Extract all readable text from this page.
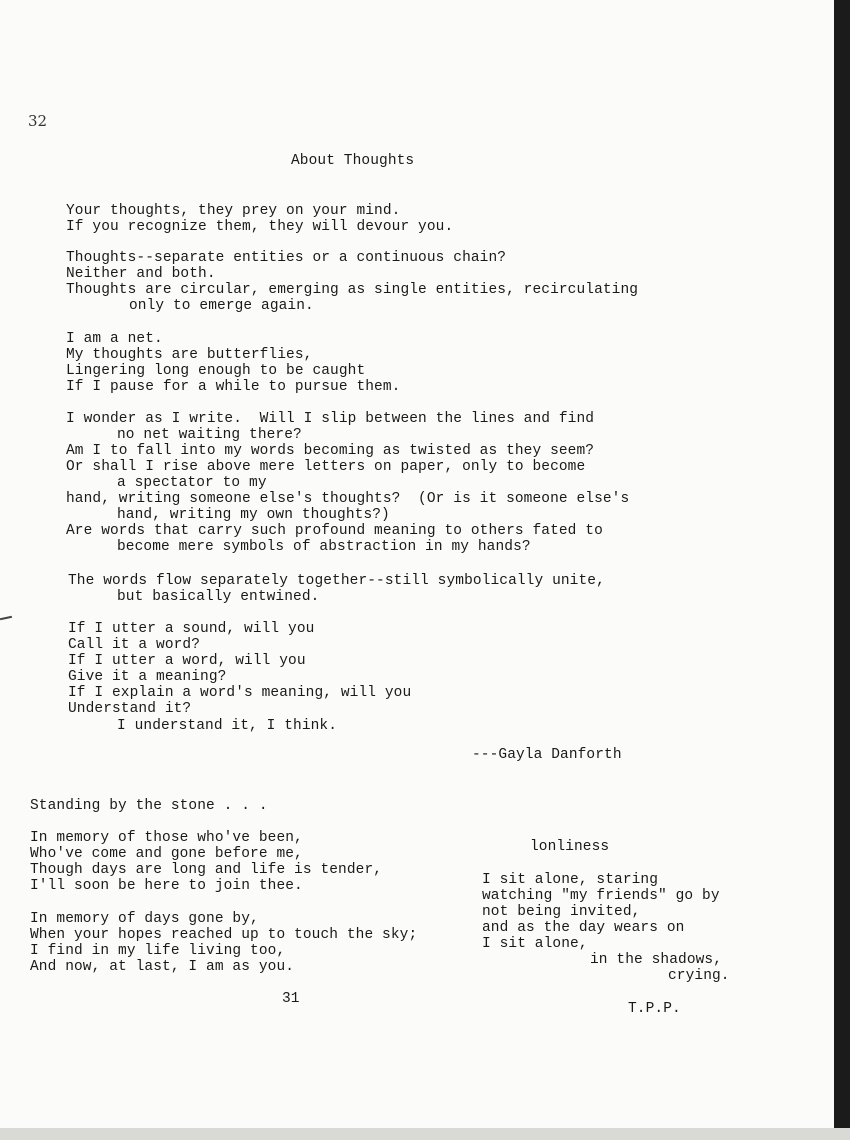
32
About Thoughts
Your thoughts, they prey on your mind.
If you recognize them, they will devour you.
Thoughts--separate entities or a continuous chain?
Neither and both.
Thoughts are circular, emerging as single entities, recirculating
only to emerge again.
I am a net.
My thoughts are butterflies,
Lingering long enough to be caught
If I pause for a while to pursue them.
I wonder as I write.  Will I slip between the lines and find
no net waiting there?
Am I to fall into my words becoming as twisted as they seem?
Or shall I rise above mere letters on paper, only to become
a spectator to my
hand, writing someone else's thoughts?  (Or is it someone else's
hand, writing my own thoughts?)
Are words that carry such profound meaning to others fated to
become mere symbols of abstraction in my hands?
The words flow separately together--still symbolically unite,
but basically entwined.
If I utter a sound, will you
Call it a word?
If I utter a word, will you
Give it a meaning?
If I explain a word's meaning, will you
Understand it?
I understand it, I think.
---Gayla Danforth
Standing by the stone . . .
In memory of those who've been,
Who've come and gone before me,
Though days are long and life is tender,
I'll soon be here to join thee.
In memory of days gone by,
When your hopes reached up to touch the sky;
I find in my life living too,
And now, at last, I am as you.
lonliness
I sit alone, staring
watching "my friends" go by
not being invited,
and as the day wears on
I sit alone,
in the shadows,
crying.
T.P.P.
31
